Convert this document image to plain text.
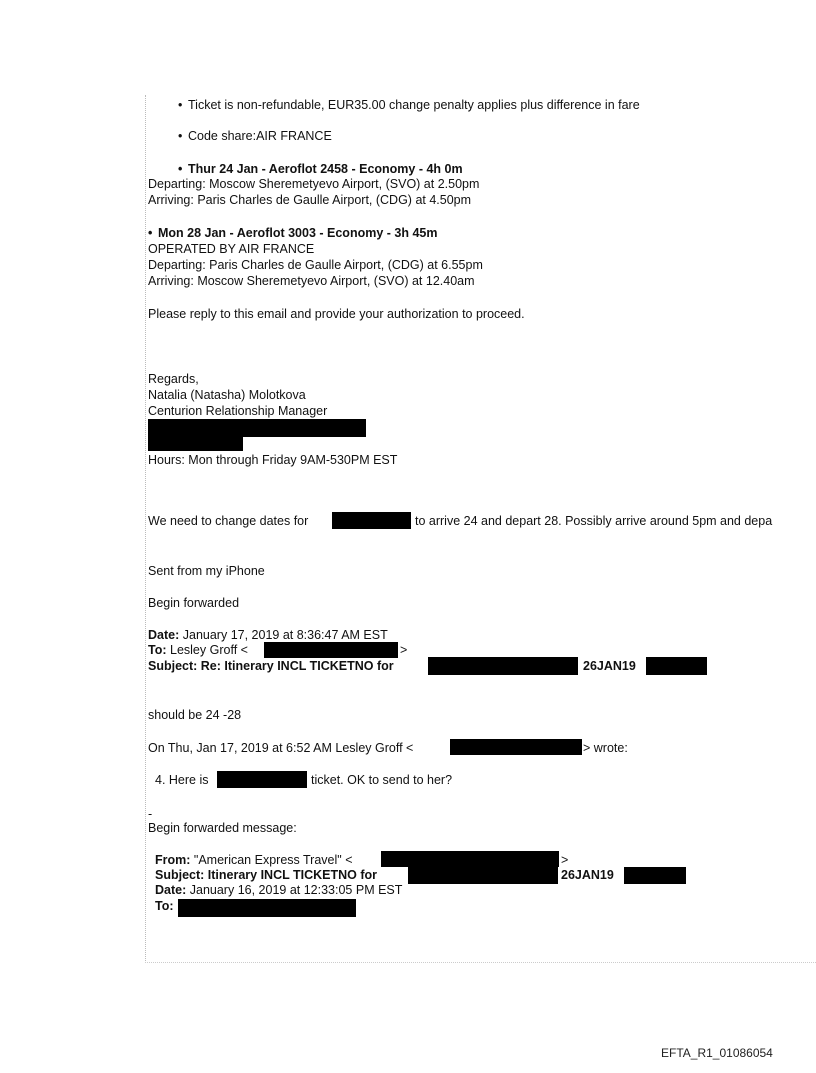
• Ticket is non-refundable, EUR35.00 change penalty applies plus difference in fare
• Code share:AIR FRANCE
• Thur 24 Jan - Aeroflot 2458 - Economy - 4h 0m
Departing: Moscow Sheremetyevo Airport, (SVO) at 2.50pm
Arriving: Paris Charles de Gaulle Airport, (CDG) at 4.50pm
• Mon 28 Jan - Aeroflot 3003 - Economy - 3h 45m
OPERATED BY AIR FRANCE
Departing: Paris Charles de Gaulle Airport, (CDG) at 6.55pm
Arriving: Moscow Sheremetyevo Airport, (SVO) at 12.40am
Please reply to this email and provide your authorization to proceed.
Regards,
Natalia (Natasha) Molotkova
Centurion Relationship Manager
Hours: Mon through Friday 9AM-530PM EST
We need to change dates for	to arrive 24 and depart 28. Possibly arrive around 5pm and depa
Sent from my iPhone
Begin forwarded
Date: January 17, 2019 at 8:36:47 AM EST
To: Lesley Groff <	>
Subject: Re: Itinerary INCL TICKETNO for	26JAN19
should be 24 -28
On Thu, Jan 17, 2019 at 6:52 AM Lesley Groff <	> wrote:
4. Here is	ticket. OK to send to her?
-
Begin forwarded message:
From: "American Express Travel" <	>
Subject: Itinerary INCL TICKETNO for	26JAN19
Date: January 16, 2019 at 12:33:05 PM EST
To:
EFTA_R1_01086054
